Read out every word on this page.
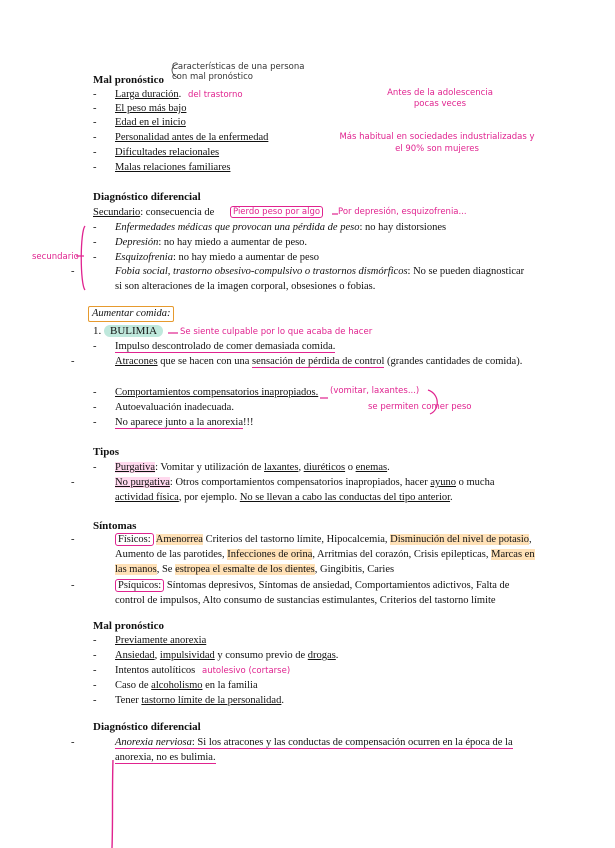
Características de una persona con mal pronóstico
Mal pronóstico
- Larga duración. del trastorno
- El peso más bajo
- Edad en el inicio
- Personalidad antes de la enfermedad
- Dificultades relacionales
- Malas relaciones familiares
Antes de la adolescencia pocas veces
Más habitual en sociedades industrializadas y el 90% son mujeres
Diagnóstico diferencial
Secundario: consecuencia de	Pierdo peso por algo	Por depresión, esquizofrenia...
secundario
- Enfermedades médicas que provocan una pérdida de peso: no hay distorsiones
- Depresión: no hay miedo a aumentar de peso.
- Esquizofrenia: no hay miedo a aumentar de peso
-	Fobia social, trastorno obsesivo-compulsivo o trastornos dismórficos: No se pueden diagnosticar si son alteraciones de la imagen corporal, obsesiones o fobias.
Aumentar comida:
1. BULIMIA	Se siente culpable por lo que acaba de hacer
- Impulso descontrolado de comer demasiada comida.
-	Atracones que se hacen con una sensación de pérdida de control (grandes cantidades de comida).
- Comportamientos compensatorios inapropiados. (vomitar, laxantes...)
se permiten comer peso
- Autoevaluación inadecuada.
- No aparece junto a la anorexia!!!
Tipos
- Purgativa: Vomitar y utilización de laxantes, diuréticos o enemas.
-	No purgativa: Otros comportamientos compensatorios inapropiados, hacer ayuno o mucha actividad física, por ejemplo. No se llevan a cabo las conductas del tipo anterior.
Síntomas
-	Físicos: Amenorrea Criterios del tastorno límite, Hipocalcemia, Disminución del nivel de potasio, Aumento de las parotides, Infecciones de orina, Arritmias del corazón, Crisis epilepticas, Marcas en las manos, Se estropea el esmalte de los dientes, Gingibitis, Caries
-	Psíquicos: Síntomas depresivos, Síntomas de ansiedad, Comportamientos adictivos, Falta de control de impulsos, Alto consumo de sustancias estimulantes, Criterios del tastorno límite
Mal pronóstico
- Previamente anorexia
- Ansiedad, impulsividad y consumo previo de drogas.
- Intentos autolíticos autolesivo (cortarse)
- Caso de alcoholismo en la familia
- Tener tastorno límite de la personalidad.
Diagnóstico diferencial
-	Anorexia nerviosa: Si los atracones y las conductas de compensación ocurren en la época de la anorexia, no es bulimia.
